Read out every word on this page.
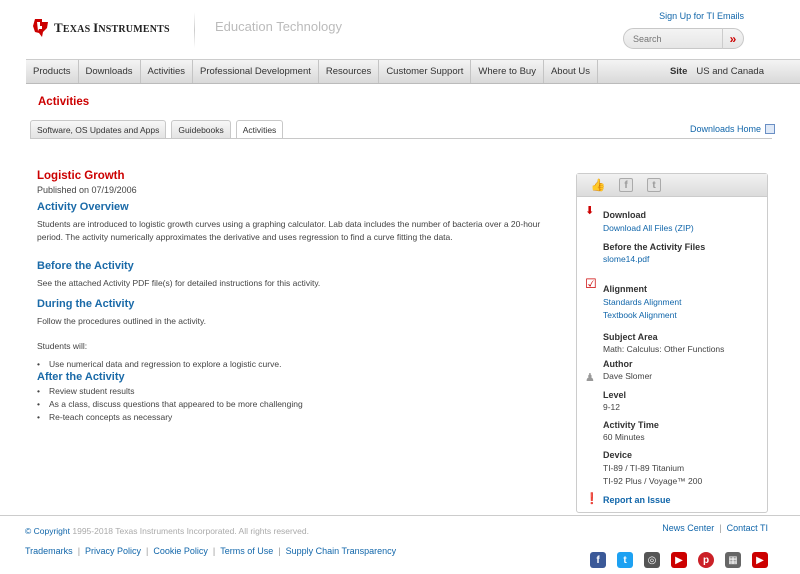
TEXAS INSTRUMENTS	Education Technology
Sign Up for TI Emails
Search
»
Products	Downloads	Activities	Professional Development	Resources	Customer Support	Where to Buy	About Us	Site US and Canada
Activities
Software, OS Updates and Apps	Guidebooks	Activities	Downloads Home
Logistic Growth
Published on 07/19/2006
Activity Overview
Students are introduced to logistic growth curves using a graphing calculator. Lab data includes the number of bacteria over a 20-hour period. The activity numerically approximates the derivative and uses regression to find a curve fitting the data.
Before the Activity
See the attached Activity PDF file(s) for detailed instructions for this activity.
During the Activity
Follow the procedures outlined in the activity.
Students will:
• Use numerical data and regression to explore a logistic curve.
After the Activity
• Review student results
• As a class, discuss questions that appeared to be more challenging
• Re-teach concepts as necessary
👍	f	t
⬇ Download
Download All Files (ZIP)
Before the Activity Files
slome14.pdf
☑ Alignment
Standards Alignment
Textbook Alignment
Subject Area
Math: Calculus: Other Functions
♟
Author
Dave Slomer
Level
9-12
Activity Time
60 Minutes
Device
TI-89 / TI-89 Titanium
TI-92 Plus / Voyage™ 200
❗ Report an Issue
© Copyright 1995-2018 Texas Instruments Incorporated. All rights reserved.	News Center | Contact TI
Trademarks | Privacy Policy | Cookie Policy | Terms of Use | Supply Chain Transparency
f	t	◎	▶	p	▦	▶
